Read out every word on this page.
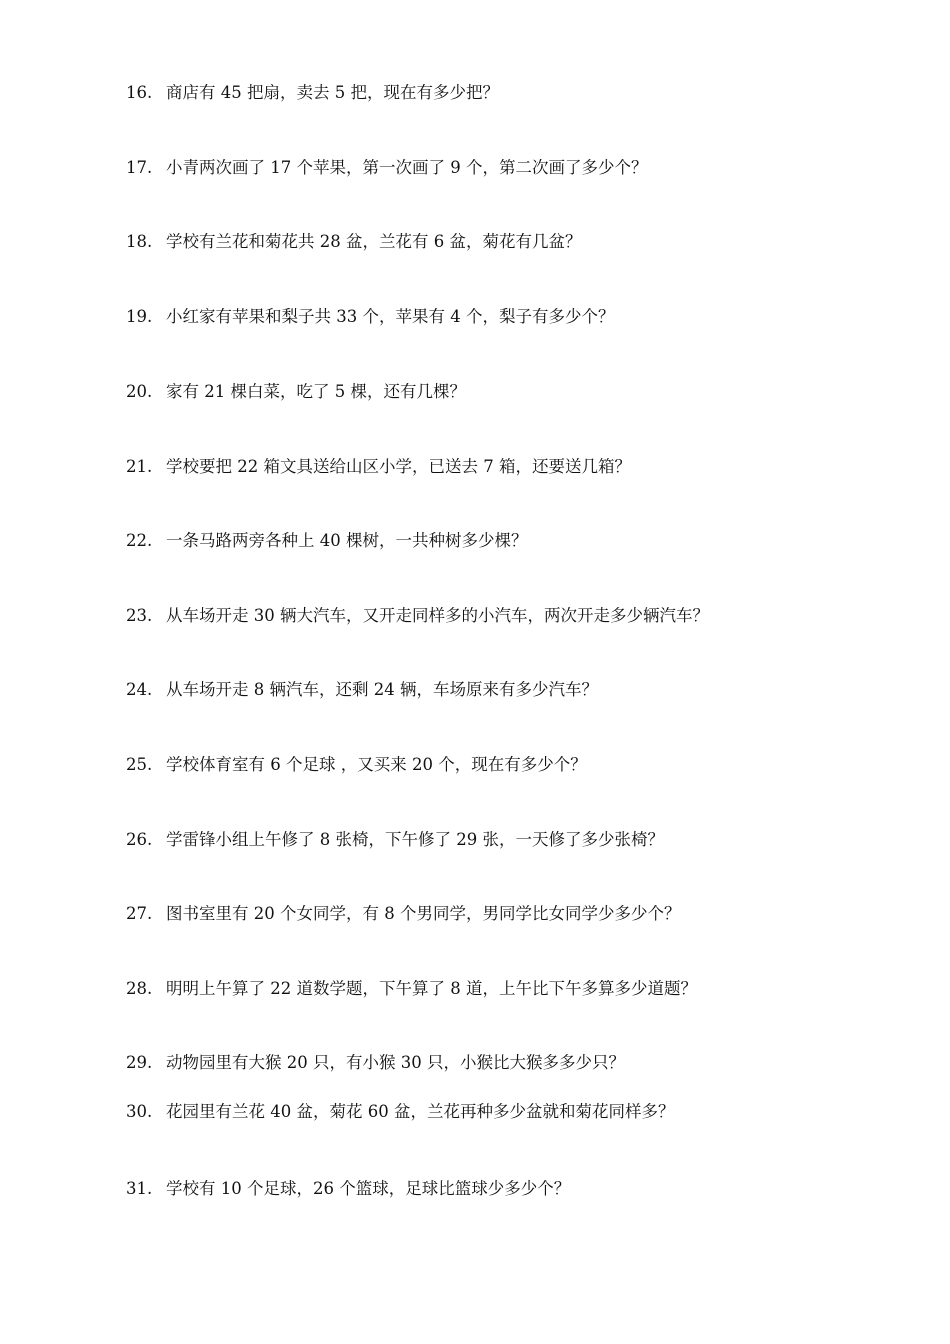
16. 商店有 45 把扇，卖去 5 把，现在有多少把？
17. 小青两次画了 17 个苹果，第一次画了 9 个，第二次画了多少个？
18. 学校有兰花和菊花共 28 盆，兰花有 6 盆，菊花有几盆？
19. 小红家有苹果和梨子共 33 个，苹果有 4 个，梨子有多少个？
20. 家有 21 棵白菜，吃了 5 棵，还有几棵？
21. 学校要把 22 箱文具送给山区小学，已送去 7 箱，还要送几箱？
22. 一条马路两旁各种上 40 棵树，一共种树多少棵？
23. 从车场开走 30 辆大汽车，又开走同样多的小汽车，两次开走多少辆汽车？
24. 从车场开走 8 辆汽车，还剩 24 辆，车场原来有多少汽车？
25. 学校体育室有 6 个足球 ，又买来 20 个，现在有多少个？
26. 学雷锋小组上午修了 8 张椅，下午修了 29 张，一天修了多少张椅？
27. 图书室里有 20 个女同学，有 8 个男同学，男同学比女同学少多少个？
28. 明明上午算了 22 道数学题，下午算了 8 道，上午比下午多算多少道题？
29. 动物园里有大猴 20 只，有小猴 30 只，小猴比大猴多多少只？
30. 花园里有兰花 40 盆，菊花 60 盆，兰花再种多少盆就和菊花同样多？
31. 学校有 10 个足球，26 个篮球，足球比篮球少多少个？
